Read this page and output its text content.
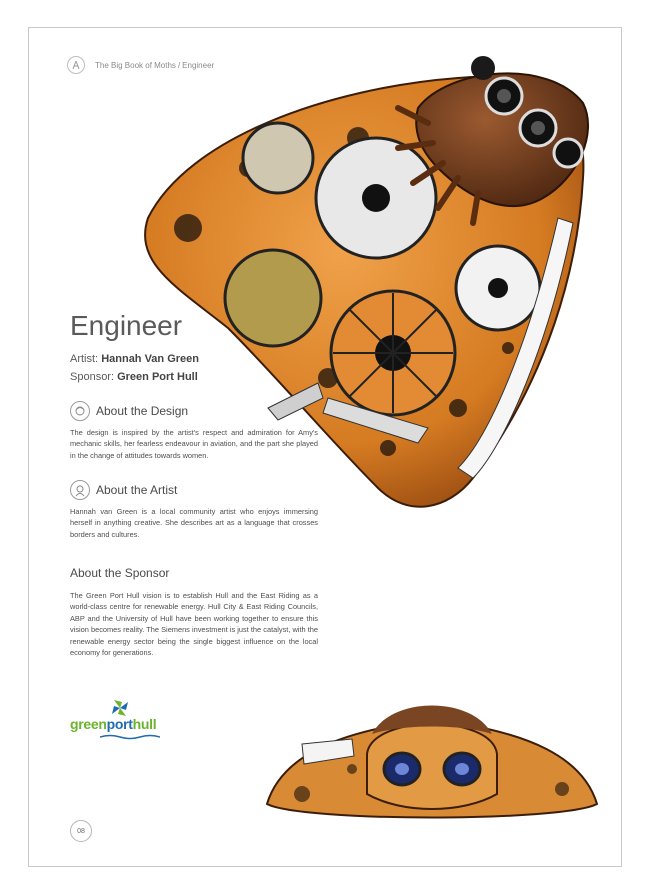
The Big Book of Moths / Engineer
Engineer
Artist: Hannah Van Green
Sponsor: Green Port Hull
About the Design
The design is inspired by the artist's respect and admiration for Amy's mechanic skills, her fearless endeavour in aviation, and the part she played in the change of attitudes towards women.
About the Artist
Hannah van Green is a local community artist who enjoys immersing herself in anything creative. She describes art as a language that crosses borders and cultures.
About the Sponsor
The Green Port Hull vision is to establish Hull and the East Riding as a world-class centre for renewable energy. Hull City & East Riding Councils, ABP and the University of Hull have been working together to ensure this vision becomes reality. The Siemens investment is just the catalyst, with the renewable energy sector being the single biggest influence on the local economy for generations.
greenporthull
08
